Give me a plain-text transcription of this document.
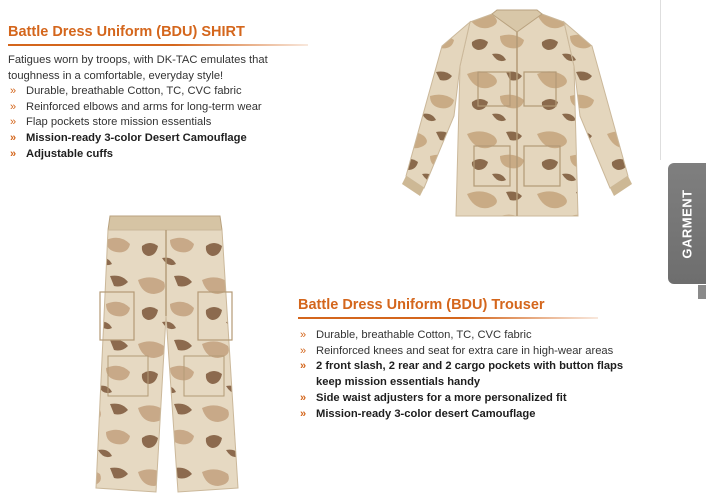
Battle Dress Uniform (BDU) SHIRT
Fatigues worn by troops, with DK-TAC emulates that toughness in a comfortable, everyday style!
» Durable, breathable Cotton, TC, CVC fabric
» Reinforced elbows and arms for long-term wear
» Flap pockets store mission essentials
» Mission-ready 3-color Desert Camouflage
» Adjustable cuffs
GARMENT
Battle Dress Uniform (BDU) Trouser
» Durable, breathable Cotton, TC, CVC fabric
» Reinforced knees and seat for extra care in high-wear areas
» 2 front slash, 2 rear and 2 cargo pockets with button flaps keep mission essentials handy
» Side waist adjusters for a more personalized fit
» Mission-ready 3-color desert Camouflage
